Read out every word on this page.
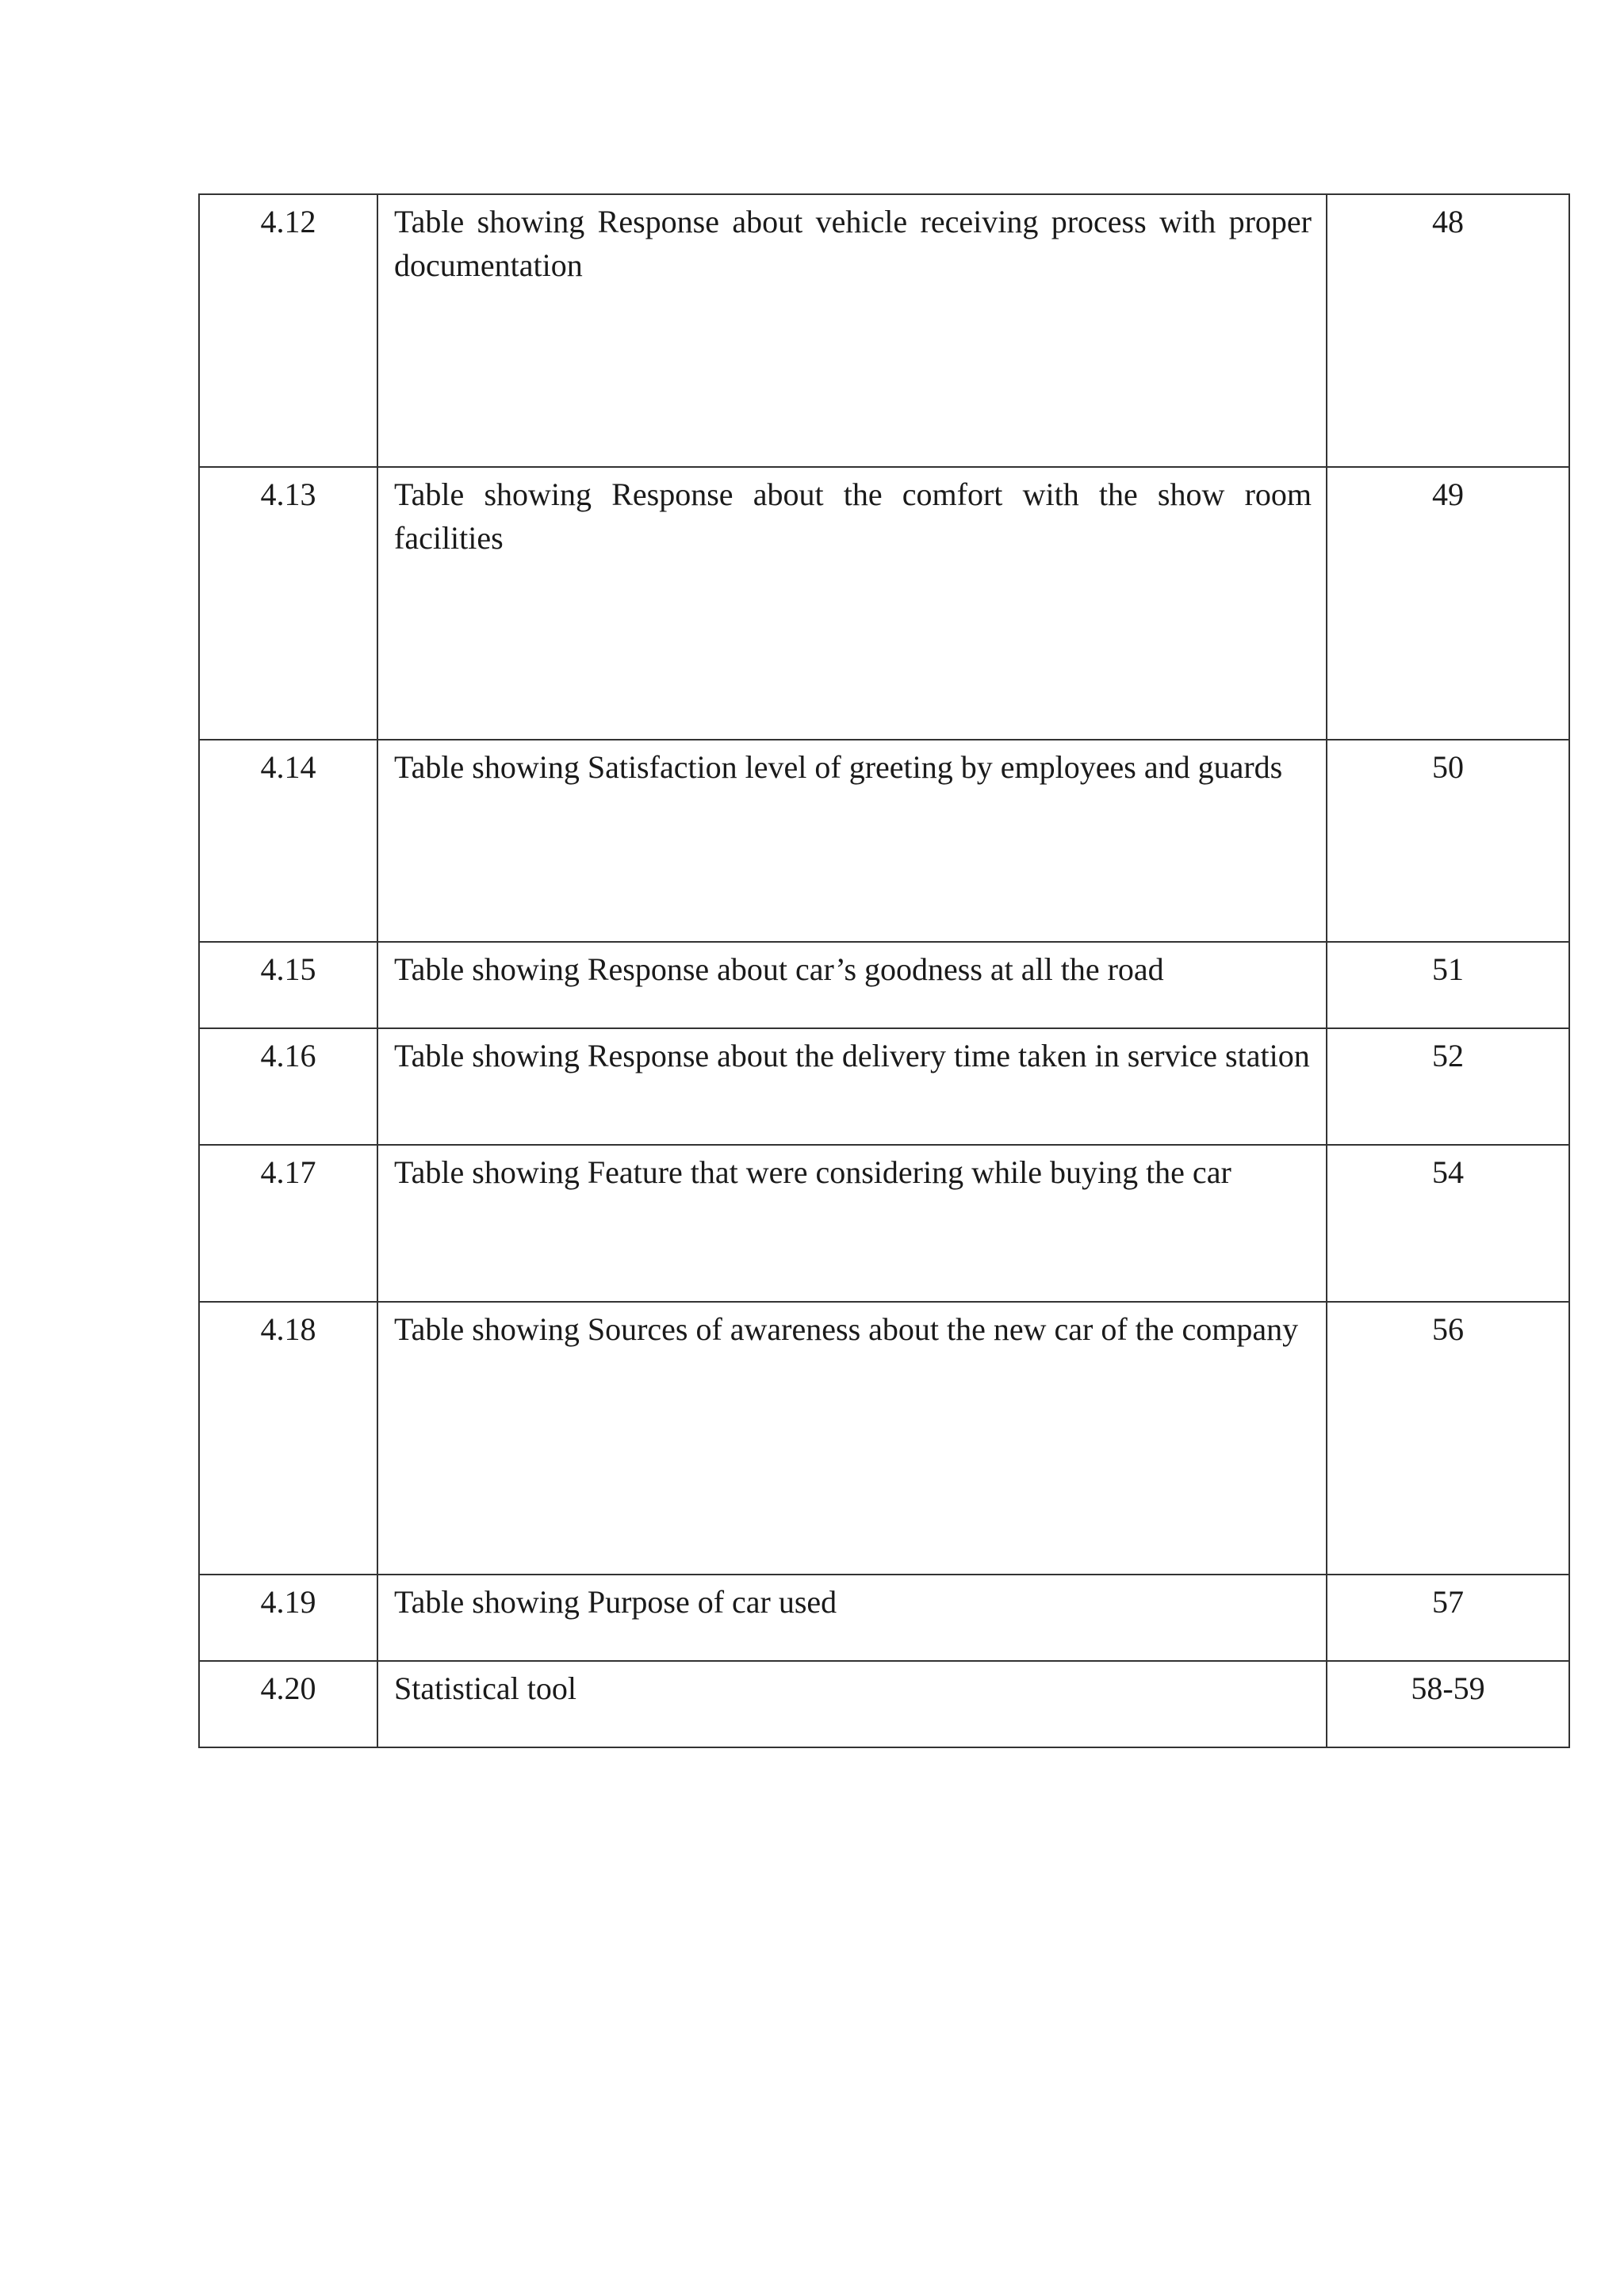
4.12	Table showing Response about vehicle receiving process with proper documentation	48
4.13	Table showing Response about the comfort with the show room facilities	49
4.14	Table showing Satisfaction level of greeting by employees and guards	50
4.15	Table showing Response about car’s goodness at all the road	51
4.16	Table showing Response about the delivery time taken in service station	52
4.17	Table showing Feature that were considering while buying the car	54
4.18	Table showing Sources of awareness about the new car of the company	56
4.19	Table showing Purpose of car used	57
4.20	Statistical tool	58-59
